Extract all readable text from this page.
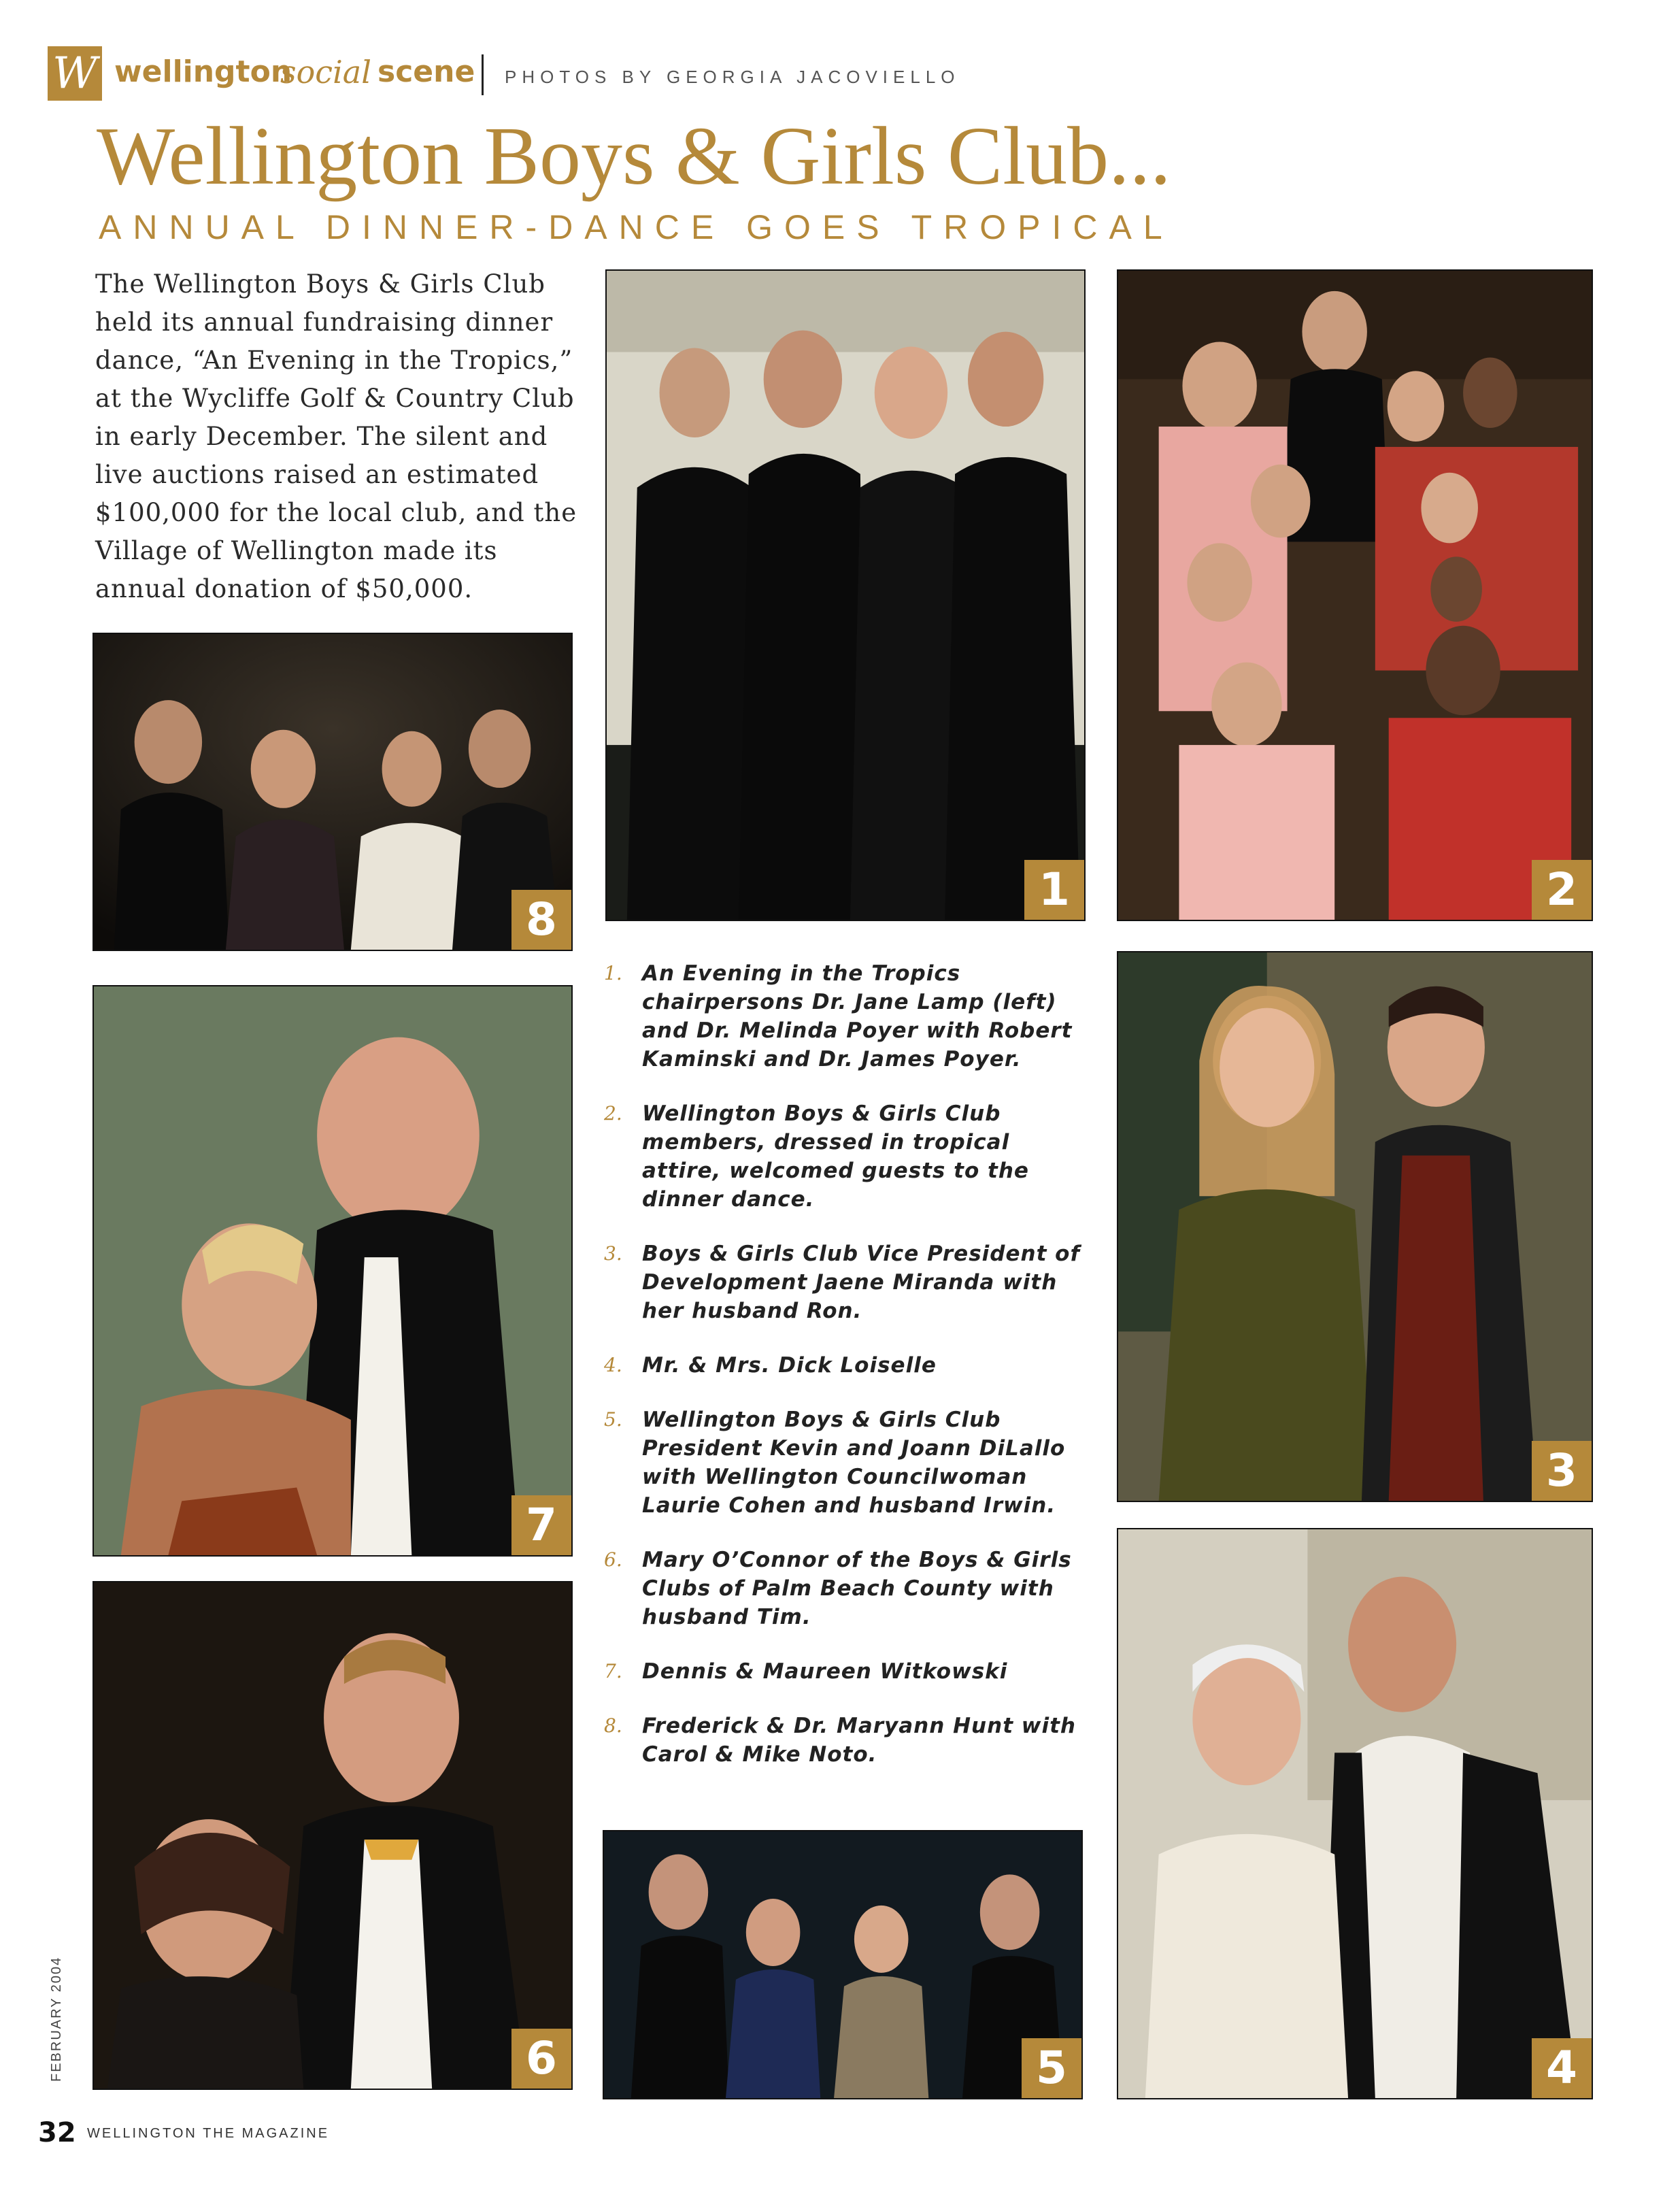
W wellington
social scene PHOTOS BY GEORGIA JACOVIELLO
Wellington Boys & Girls Club...
ANNUAL DINNER-DANCE GOES TROPICAL
The Wellington Boys & Girls Club held its annual fundraising dinner dance, “An Evening in the Tropics,” at the Wycliffe Golf & Country Club in early December. The silent and live auctions raised an estimated $100,000 for the local club, and the Village of Wellington made its annual donation of $50,000.
8
1	2
7
3
6	4
5
1. An Evening in the Tropics chairpersons Dr. Jane Lamp (left) and Dr. Melinda Poyer with Robert Kaminski and Dr. James Poyer.
2. Wellington Boys & Girls Club members, dressed in tropical attire, welcomed guests to the dinner dance.
3. Boys & Girls Club Vice President of Development Jaene Miranda with her husband Ron.
4. Mr. & Mrs. Dick Loiselle
5. Wellington Boys & Girls Club President Kevin and Joann DiLallo with Wellington Councilwoman Laurie Cohen and husband Irwin.
6. Mary O’Connor of the Boys & Girls Clubs of Palm Beach County with husband Tim.
7. Dennis & Maureen Witkowski
8. Frederick & Dr. Maryann Hunt with Carol & Mike Noto.
FEBRUARY 2004
32 WELLINGTON THE MAGAZINE
